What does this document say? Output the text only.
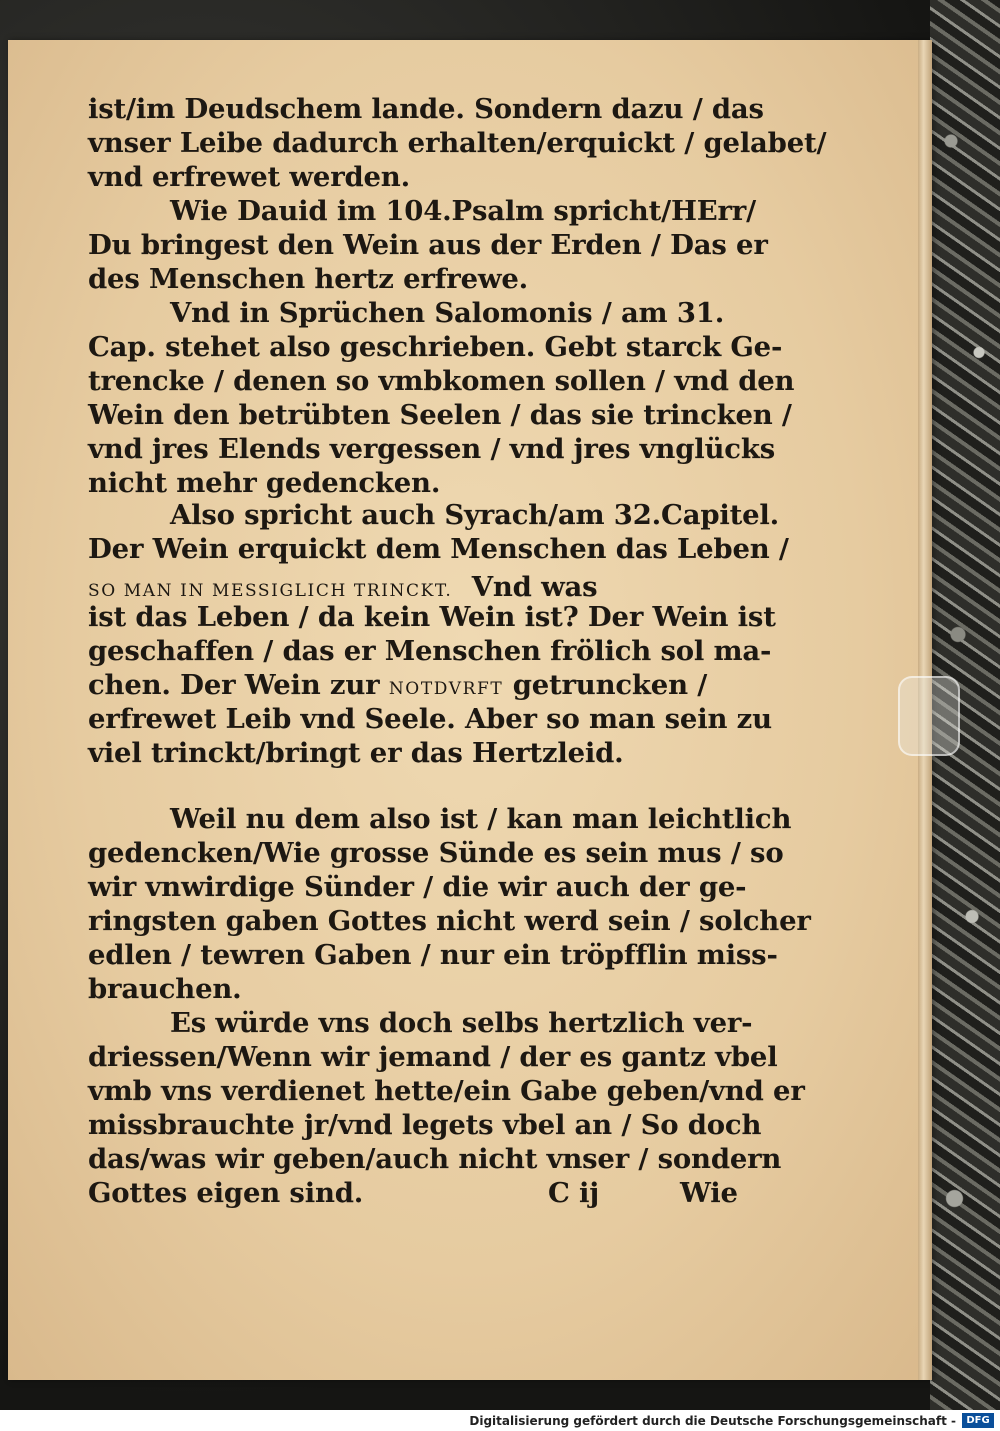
ist/im Deudschem lande. Sondern dazu / das
vnser Leibe dadurch erhalten/erquickt / gelabet/
vnd erfrewet werden.
Wie Dauid im 104.Psalm spricht/HErr/
Du bringest den Wein aus der Erden / Das er
des Menschen hertz erfrewe.
Vnd in Sprüchen Salomonis / am 31.
Cap. stehet also geschrieben. Gebt starck Ge-
trencke / denen so vmbkomen sollen / vnd den
Wein den betrübten Seelen / das sie trincken /
vnd jres Elends vergessen / vnd jres vnglücks
nicht mehr gedencken.
Also spricht auch Syrach/am 32.Capitel.
Der Wein erquickt dem Menschen das Leben /
SO MAN IN MESSIGLICH TRINCKT. Vnd was
ist das Leben / da kein Wein ist? Der Wein ist
geschaffen / das er Menschen frölich sol ma-
chen. Der Wein zur NOTDVRFT getruncken /
erfrewet Leib vnd Seele. Aber so man sein zu
viel trinckt/bringt er das Hertzleid.
Weil nu dem also ist / kan man leichtlich
gedencken/Wie grosse Sünde es sein mus / so
wir vnwirdige Sünder / die wir auch der ge-
ringsten gaben Gottes nicht werd sein / solcher
edlen / tewren Gaben / nur ein tröpfflin miss-
brauchen.
Es würde vns doch selbs hertzlich ver-
driessen/Wenn wir jemand / der es gantz vbel
vmb vns verdienet hette/ein Gabe geben/vnd er
missbrauchte jr/vnd legets vbel an / So doch
das/was wir geben/auch nicht vnser / sondern
Gottes eigen sind.	C ij	Wie
Digitalisierung gefördert durch die Deutsche Forschungsgemeinschaft -	DFG
